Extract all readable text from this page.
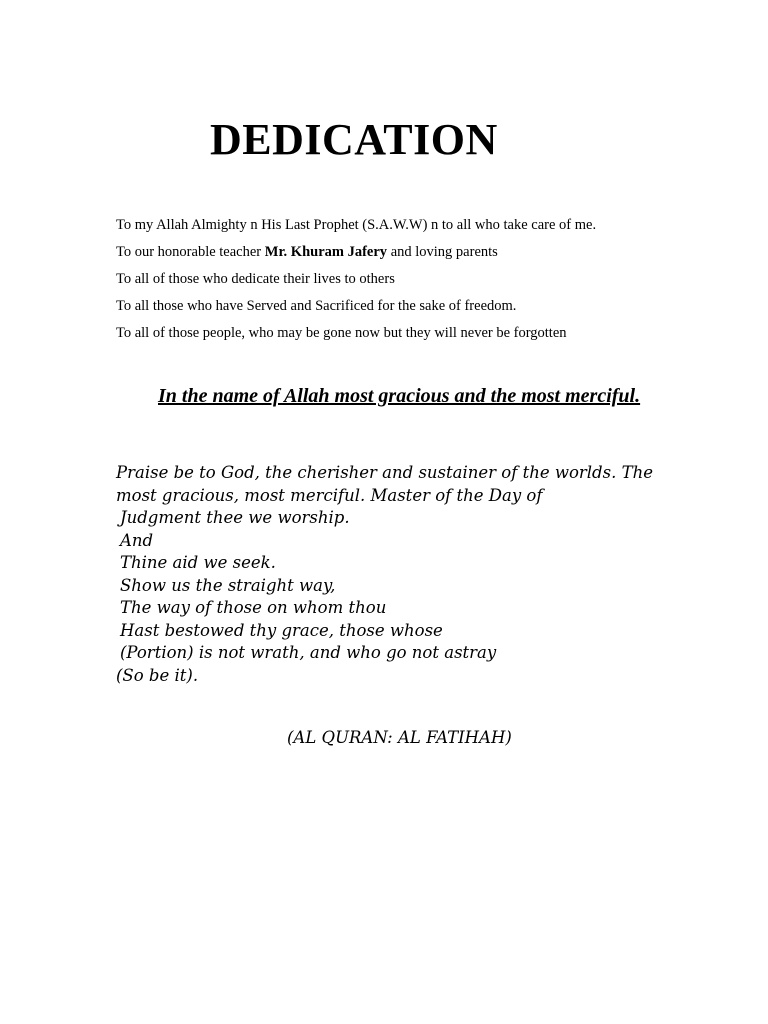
DEDICATION
To my Allah Almighty n His Last Prophet (S.A.W.W) n to all who take care of me.
To our honorable teacher Mr. Khuram Jafery and loving parents
To all of those who dedicate their lives to others
To all those who have Served and Sacrificed for the sake of freedom.
To all of those people, who may be gone now but they will never be forgotten

In the name of Allah most gracious and the most merciful.

Praise be to God, the cherisher and sustainer of the worlds. The
most gracious, most merciful. Master of the Day of
Judgment thee we worship.
And
Thine aid we seek.
Show us the straight way,
The way of those on whom thou
Hast bestowed thy grace, those whose
(Portion) is not wrath, and who go not astray
(So be it).

(AL QURAN: AL FATIHAH)
